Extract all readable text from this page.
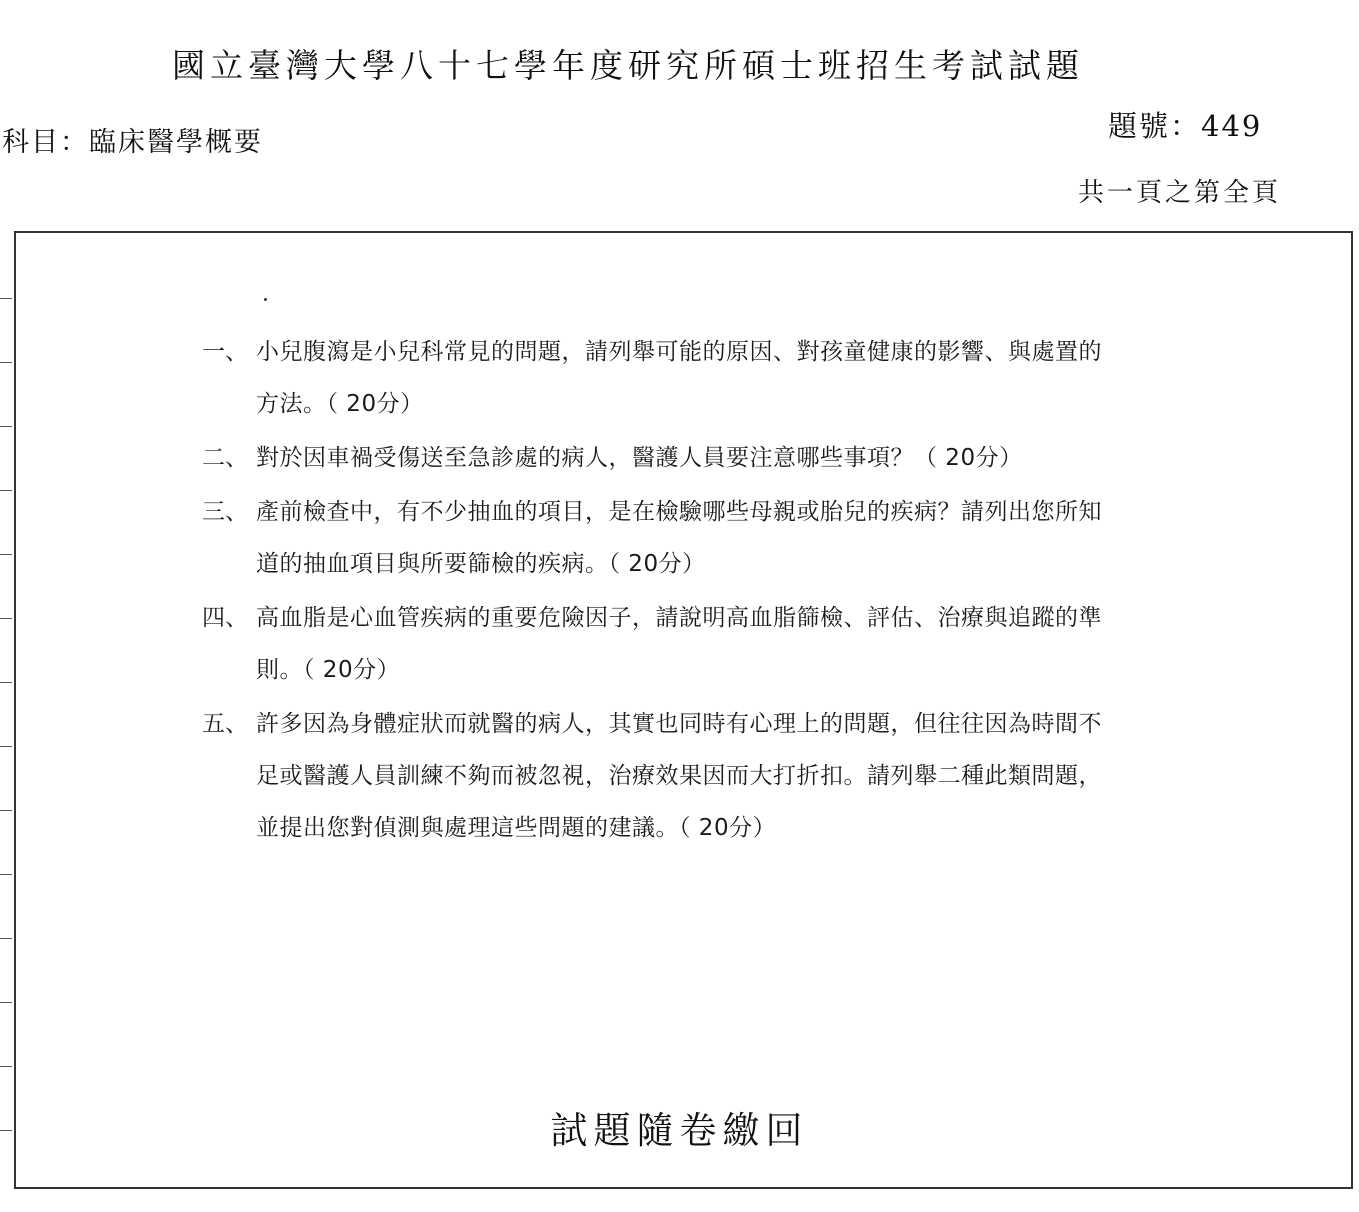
國立臺灣大學八十七學年度研究所碩士班招生考試試題
科目：臨床醫學概要	題號：449
共一頁之第全頁
一、 小兒腹瀉是小兒科常見的問題，請列舉可能的原因、對孩童健康的影響、與處置的方法。（ 20分）
二、 對於因車禍受傷送至急診處的病人，醫護人員要注意哪些事項？（ 20分）
三、 產前檢查中，有不少抽血的項目，是在檢驗哪些母親或胎兒的疾病？請列出您所知道的抽血項目與所要篩檢的疾病。（ 20分）
四、 高血脂是心血管疾病的重要危險因子，請說明高血脂篩檢、評估、治療與追蹤的準則。（ 20分）
五、 許多因為身體症狀而就醫的病人，其實也同時有心理上的問題，但往往因為時間不足或醫護人員訓練不夠而被忽視，治療效果因而大打折扣。請列舉二種此類問題，並提出您對偵測與處理這些問題的建議。（ 20分）
試題隨卷繳回
